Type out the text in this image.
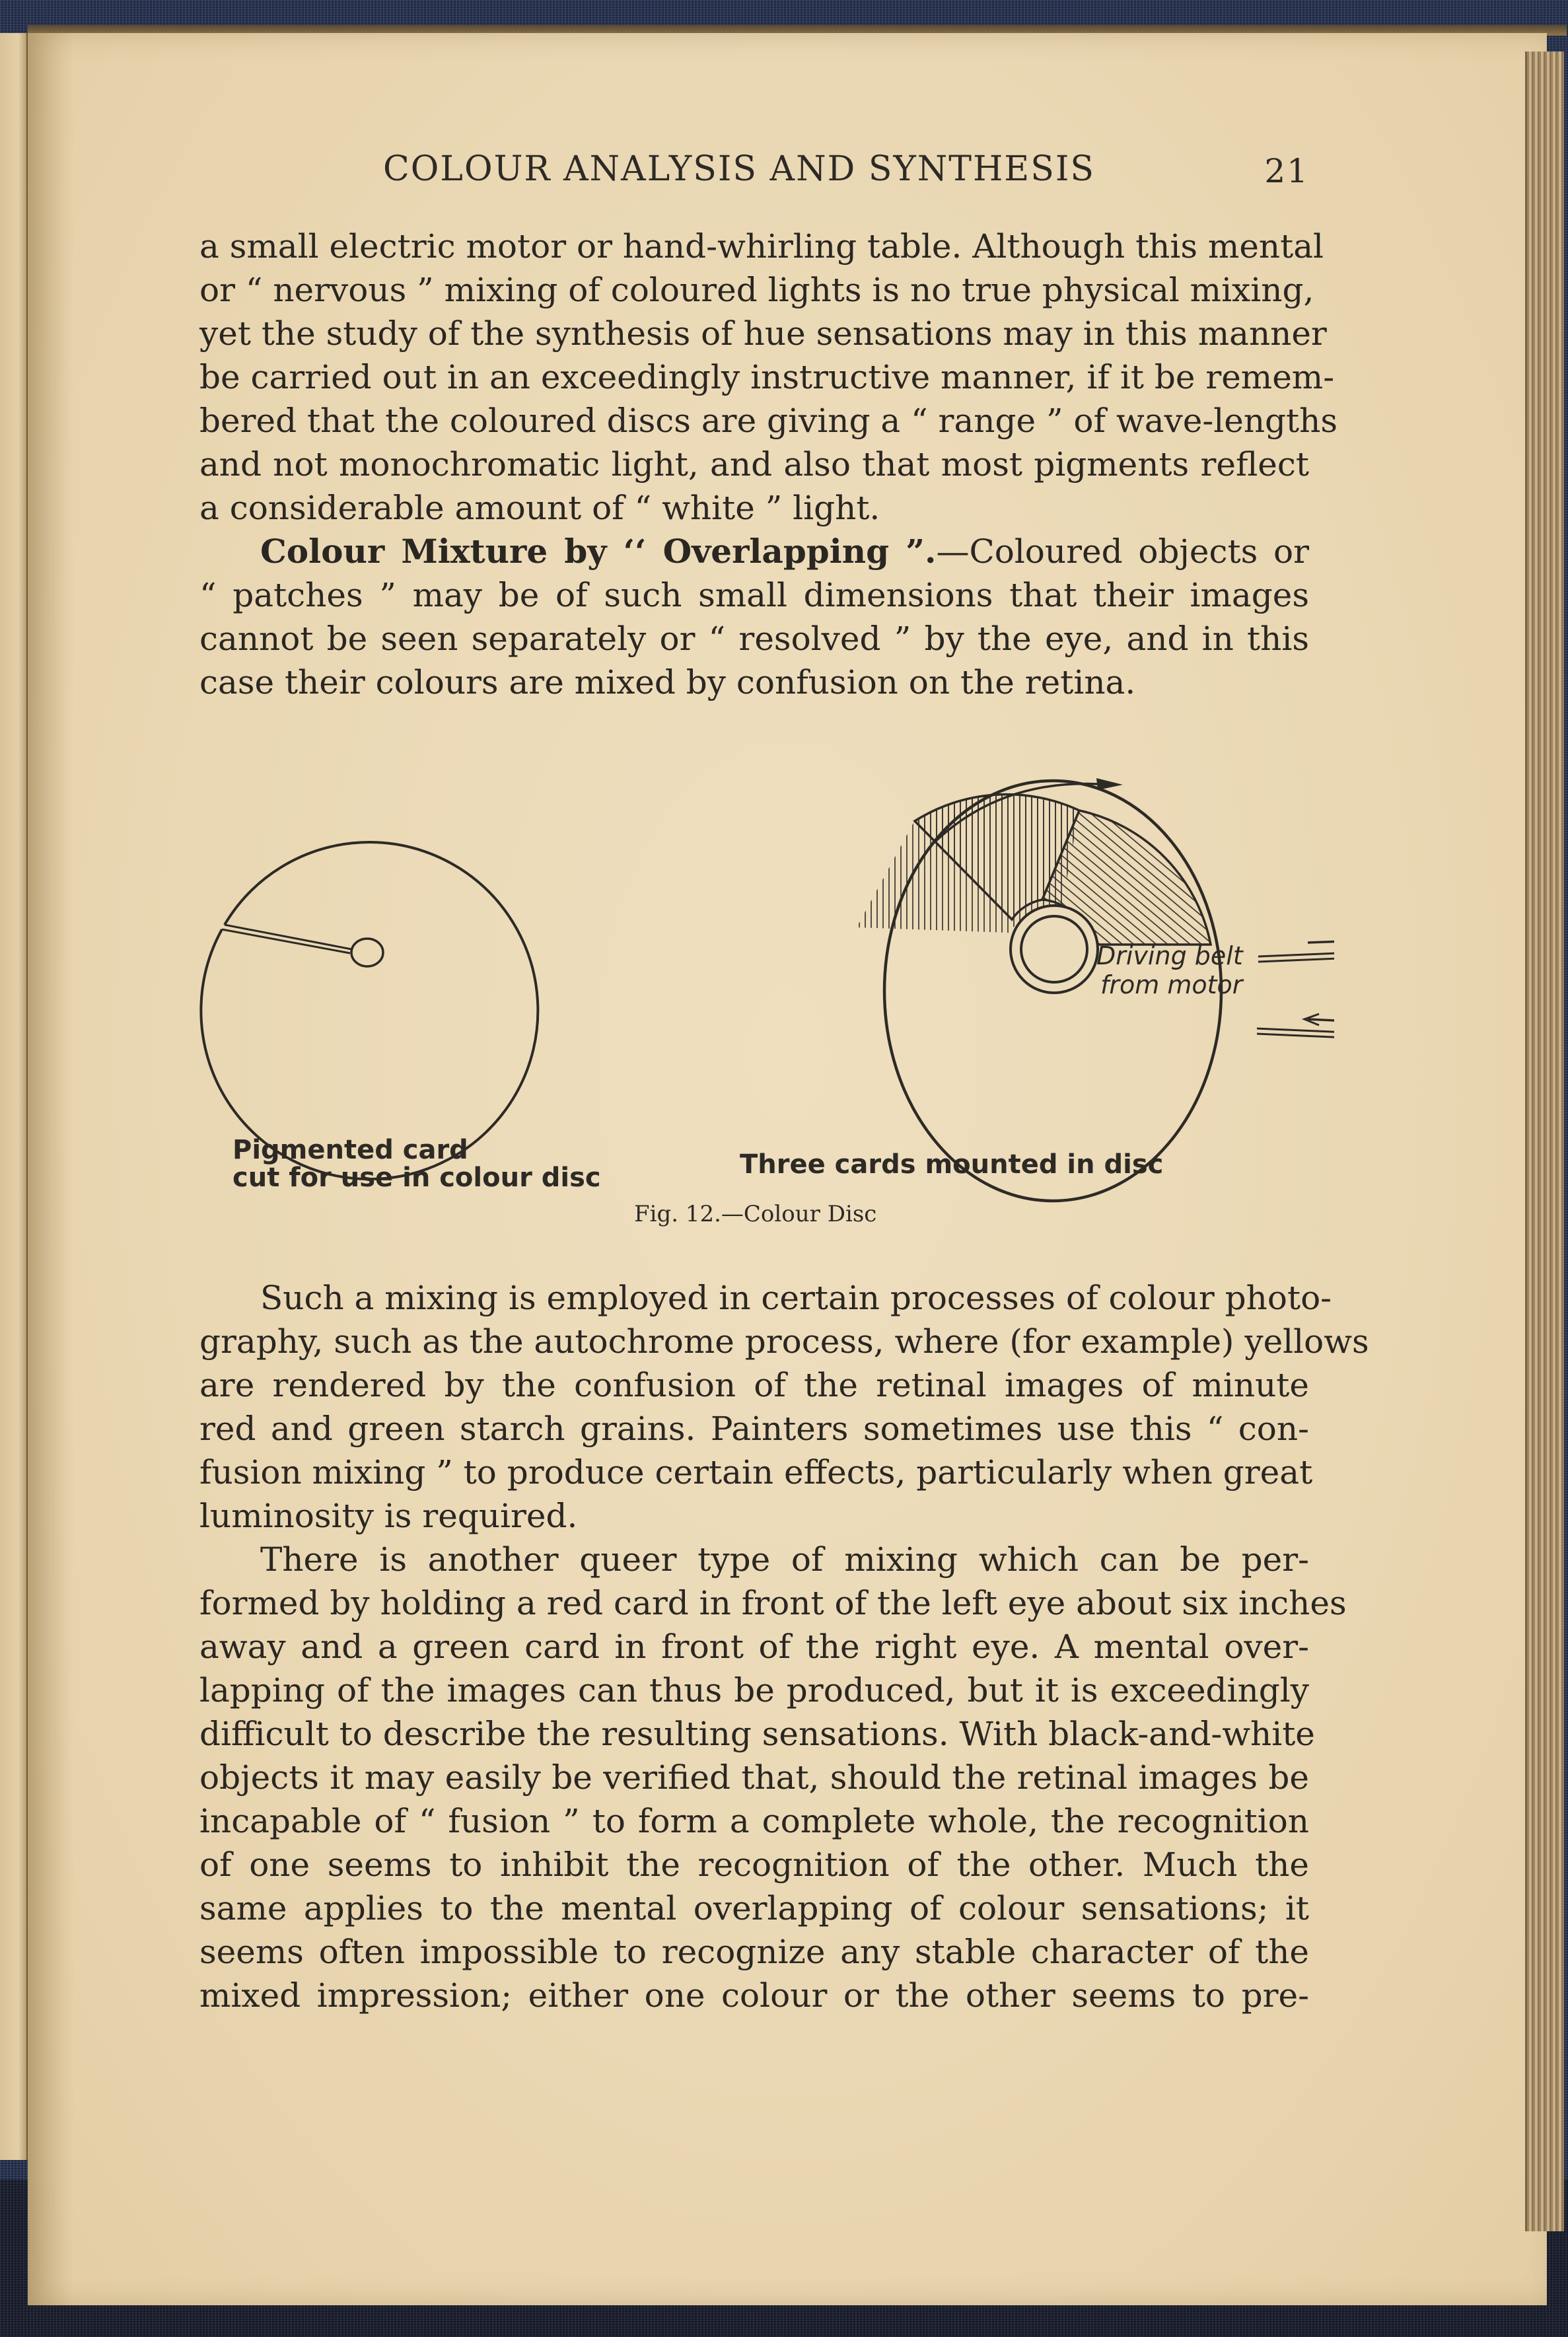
COLOUR ANALYSIS AND SYNTHESIS	21
a small electric motor or hand-whirling table. Although this mental
or “ nervous ” mixing of coloured lights is no true physical mixing,
yet the study of the synthesis of hue sensations may in this manner
be carried out in an exceedingly instructive manner, if it be remem-
bered that the coloured discs are giving a “ range ” of wave-lengths
and not monochromatic light, and also that most pigments reflect
a considerable amount of “ white ” light.
Colour Mixture by ‘‘ Overlapping ”.—Coloured objects or
“ patches ” may be of such small dimensions that their images
cannot be seen separately or “ resolved ” by the eye, and in this
case their colours are mixed by confusion on the retina.
Pigmented card
cut for use in colour disc	Three cards mounted in disc
Driving belt
from motor
Fig. 12.—Colour Disc
Such a mixing is employed in certain processes of colour photo-
graphy, such as the autochrome process, where (for example) yellows
are rendered by the confusion of the retinal images of minute
red and green starch grains. Painters sometimes use this “ con-
fusion mixing ” to produce certain effects, particularly when great
luminosity is required.
There is another queer type of mixing which can be per-
formed by holding a red card in front of the left eye about six inches
away and a green card in front of the right eye. A mental over-
lapping of the images can thus be produced, but it is exceedingly
difficult to describe the resulting sensations. With black-and-white
objects it may easily be verified that, should the retinal images be
incapable of “ fusion ” to form a complete whole, the recognition
of one seems to inhibit the recognition of the other. Much the
same applies to the mental overlapping of colour sensations; it
seems often impossible to recognize any stable character of the
mixed impression; either one colour or the other seems to pre-
